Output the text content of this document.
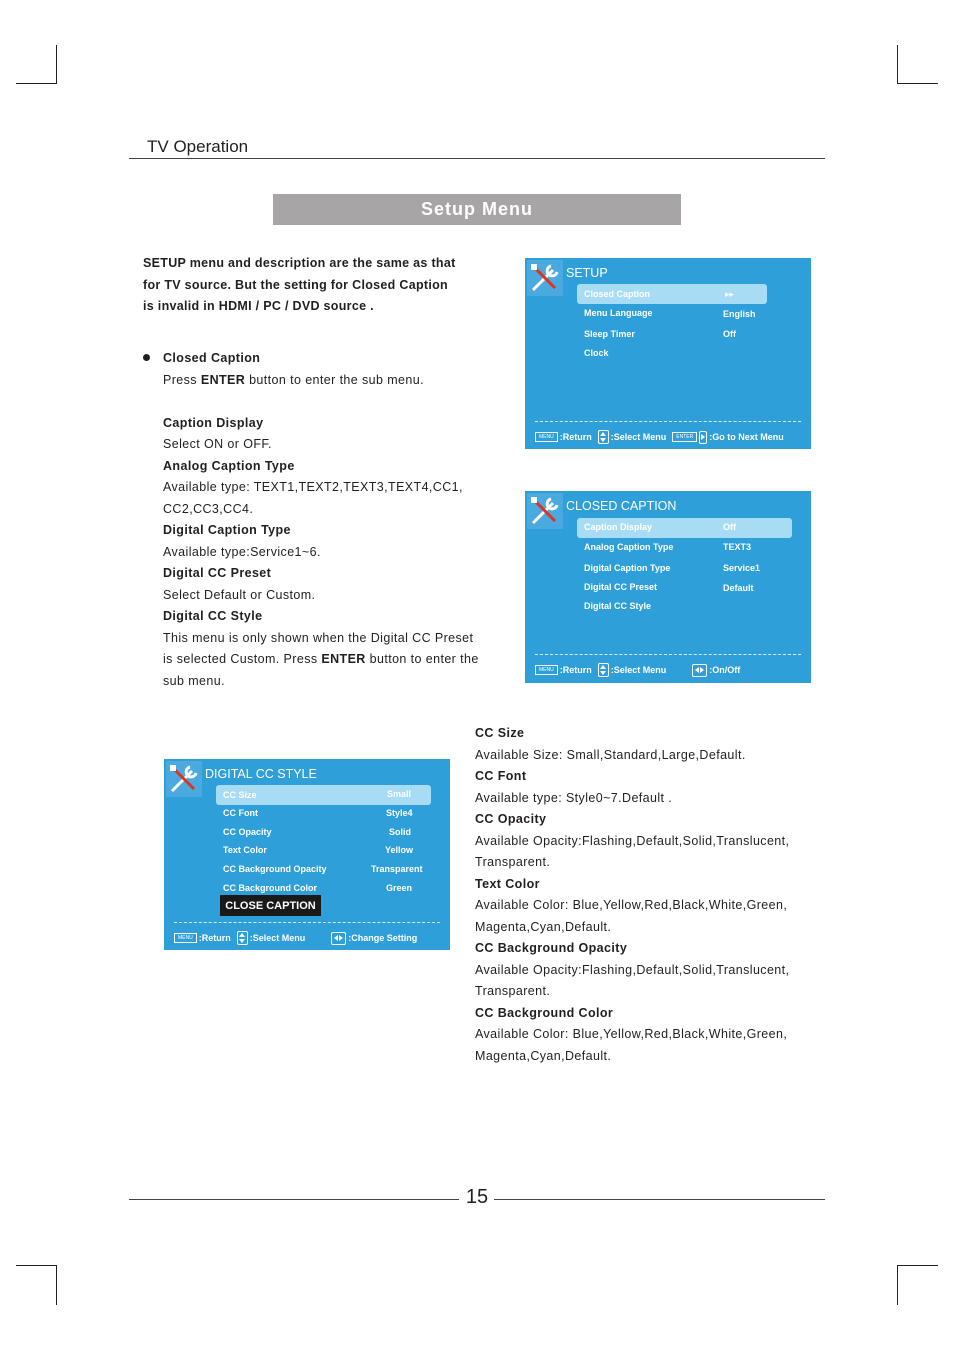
TV Operation
Setup Menu
SETUP menu and description are the same as that
for TV source. But the setting for Closed Caption
is invalid in HDMI / PC / DVD source .

Closed Caption

Press ENTER button to enter the sub menu.

Caption Display

Select ON or OFF.

Analog Caption Type

Available type: TEXT1,TEXT2,TEXT3,TEXT4,CC1,

CC2,CC3,CC4.

Digital Caption Type

Available type:Service1~6.

Digital CC Preset

Select Default or Custom.

Digital CC Style

This menu is only shown when the Digital CC Preset

is selected Custom. Press ENTER button to enter the

sub menu.

CC Size

Available Size: Small,Standard,Large,Default.

CC Font

Available type: Style0~7.Default .

CC Opacity

Available Opacity:Flashing,Default,Solid,Translucent,

Transparent.

Text Color

Available Color: Blue,Yellow,Red,Black,White,Green,

Magenta,Cyan,Default.

CC Background Opacity

Available Opacity:Flashing,Default,Solid,Translucent,

Transparent.

CC Background Color

Available Color: Blue,Yellow,Red,Black,White,Green,

Magenta,Cyan,Default.

SETUP
Closed Caption	▸▸
Menu Language	English
Sleep Timer	Off
Clock
MENU :Return :Select Menu	ENTER	:Go to Next Menu
CLOSED CAPTION
Caption Display	Off
Analog Caption Type	TEXT3
Digital Caption Type	Service1
Digital CC Preset	Default
Digital CC Style
MENU :Return :Select Menu	:On/Off
DIGITAL CC STYLE
CC Size	Small
CC Font	Style4
CC Opacity	Solid
Text Color	Yellow
CC Background Opacity	Transparent
CC Background Color	Green
CLOSE CAPTION
MENU :Return :Select Menu	:Change Setting
15
